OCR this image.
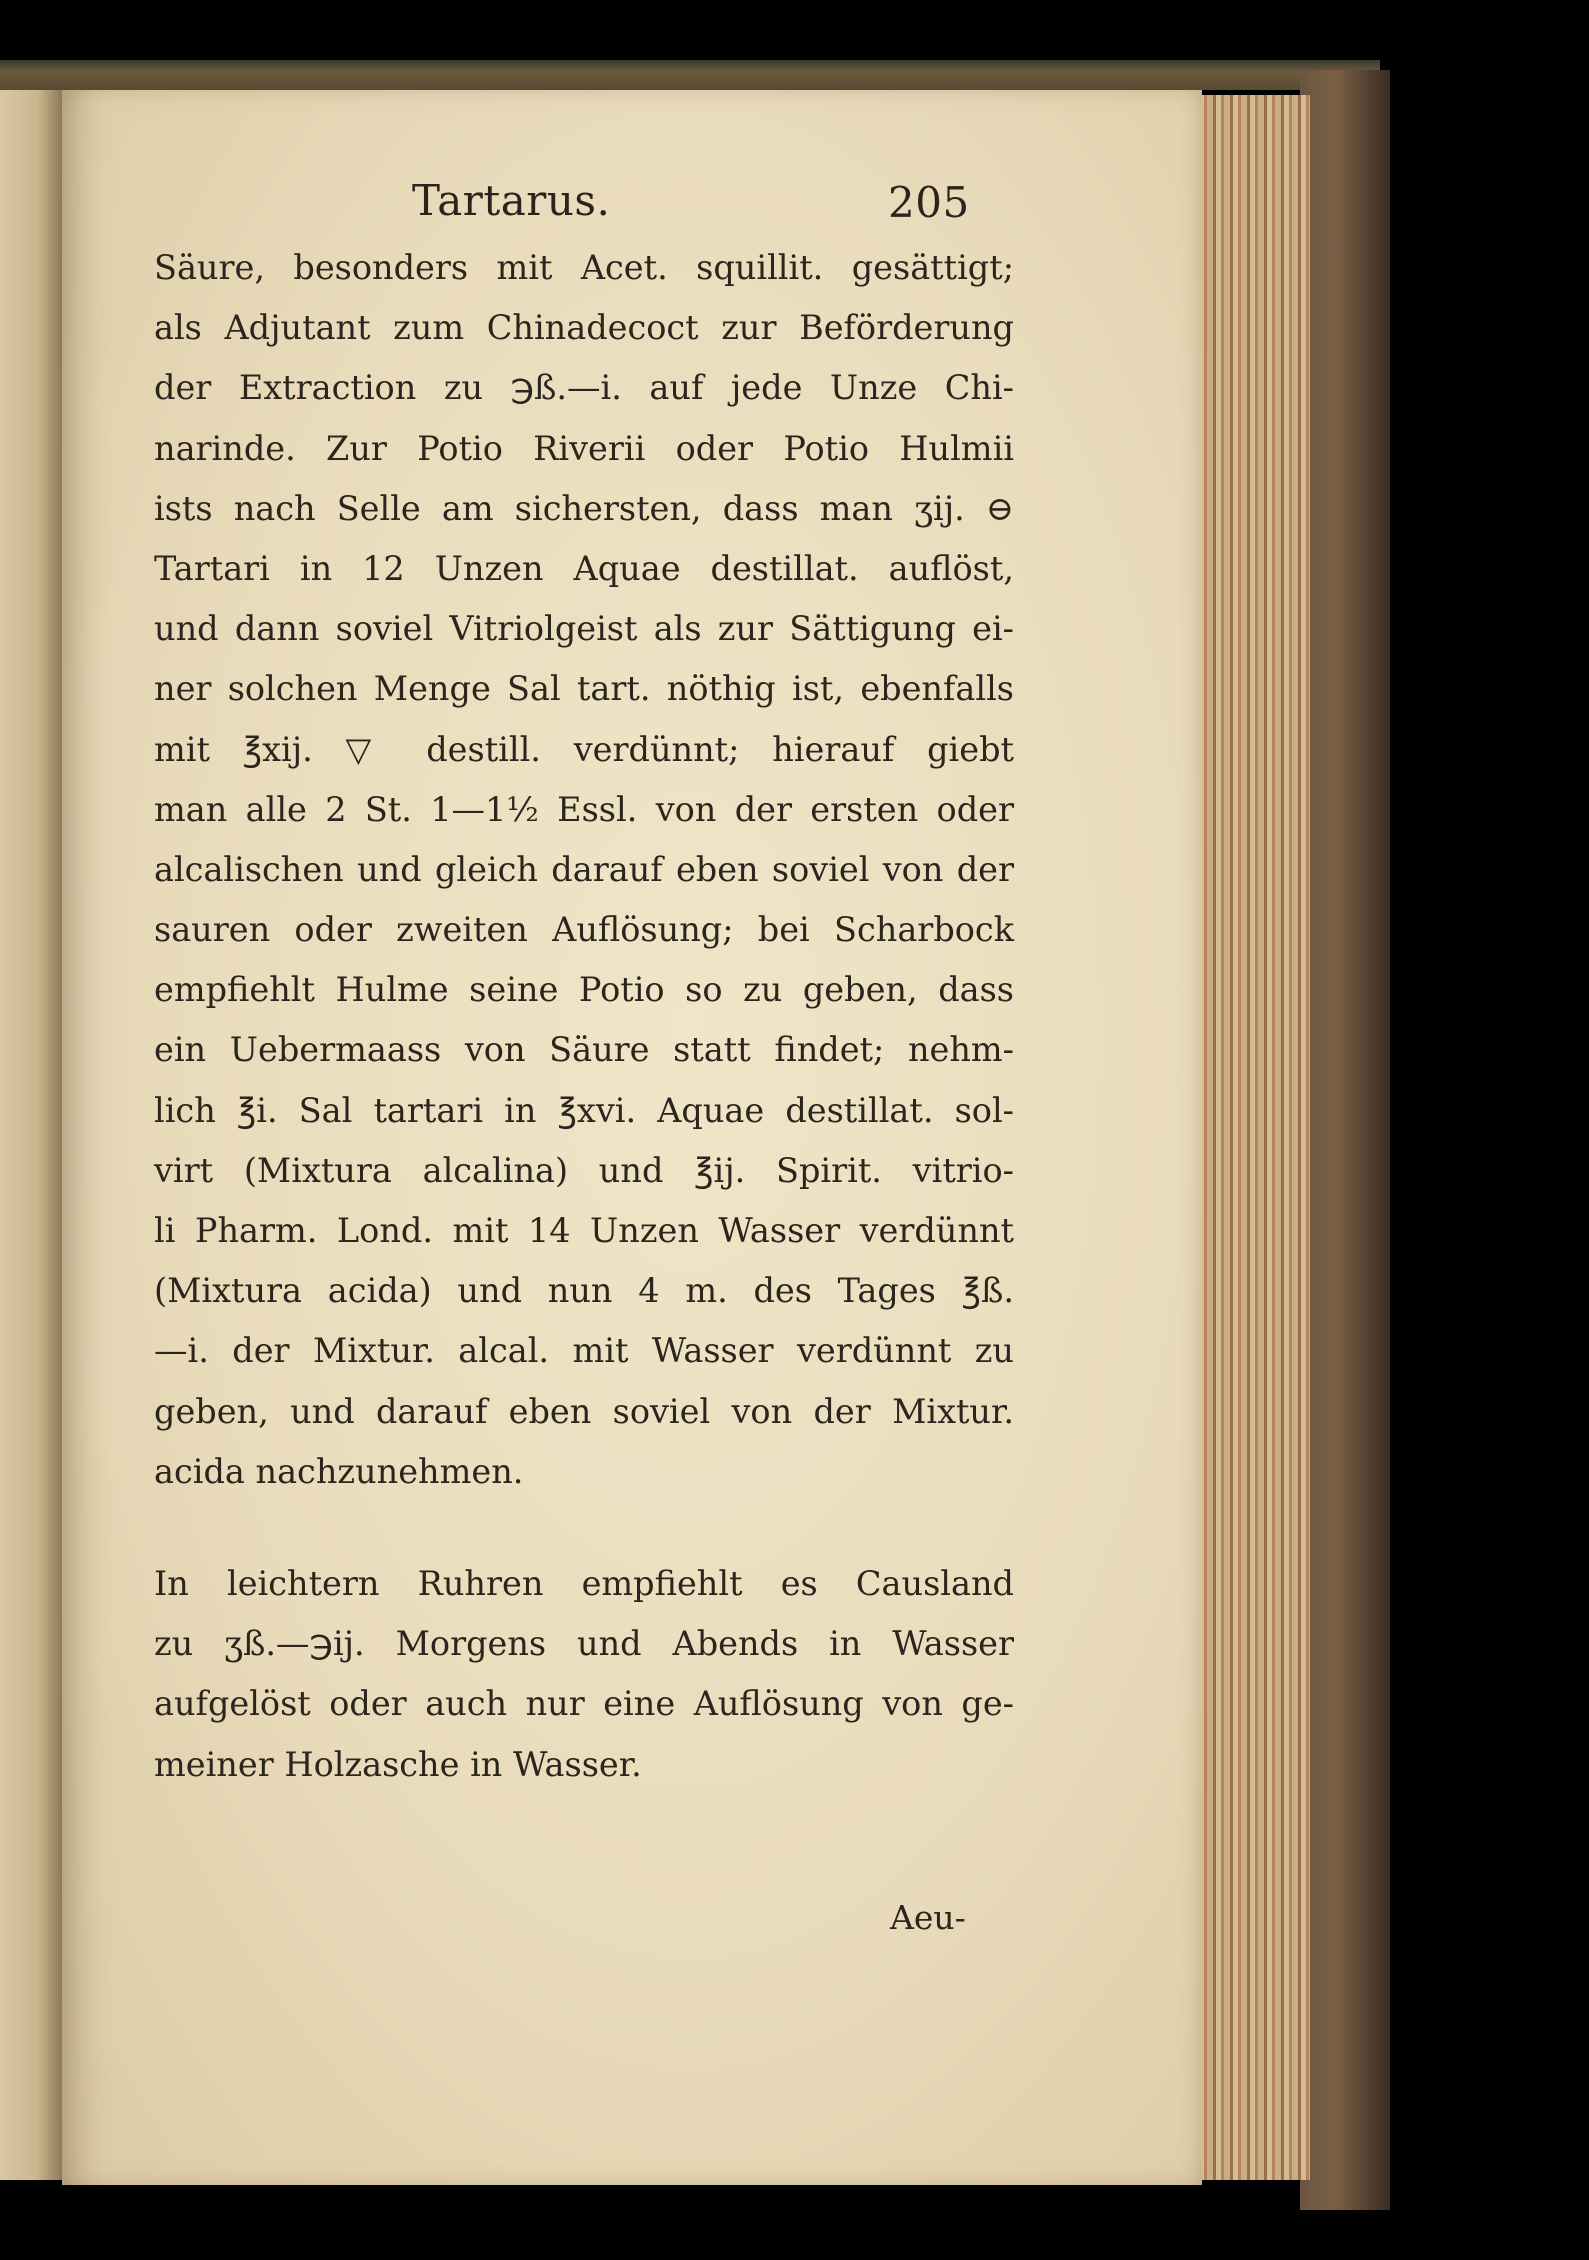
Tartarus.	205
Säure, besonders mit Acet. squillit. gesättigt;
als Adjutant zum Chinadecoct zur Beförderung
der Extraction zu ℈ß.—i. auf jede Unze Chi-
narinde. Zur Potio Riverii oder Potio Hulmii
ists nach Selle am sichersten, dass man ʒij. ⊖
Tartari in 12 Unzen Aquae destillat. auflöst,
und dann soviel Vitriolgeist als zur Sättigung ei-
ner solchen Menge Sal tart. nöthig ist, ebenfalls
mit ℥xij. ▽ destill. verdünnt; hierauf giebt
man alle 2 St. 1—1½ Essl. von der ersten oder
alcalischen und gleich darauf eben soviel von der
sauren oder zweiten Auflösung; bei Scharbock
empfiehlt Hulme seine Potio so zu geben, dass
ein Uebermaass von Säure statt findet; nehm-
lich ℥i. Sal tartari in ℥xvi. Aquae destillat. sol-
virt (Mixtura alcalina) und ℥ij. Spirit. vitrio-
li Pharm. Lond. mit 14 Unzen Wasser verdünnt
(Mixtura acida) und nun 4 m. des Tages ℥ß.
—i. der Mixtur. alcal. mit Wasser verdünnt zu
geben, und darauf eben soviel von der Mixtur.
acida nachzunehmen.
In leichtern Ruhren empfiehlt es Causland
zu ʒß.—℈ij. Morgens und Abends in Wasser
aufgelöst oder auch nur eine Auflösung von ge-
meiner Holzasche in Wasser.
Aeu-
